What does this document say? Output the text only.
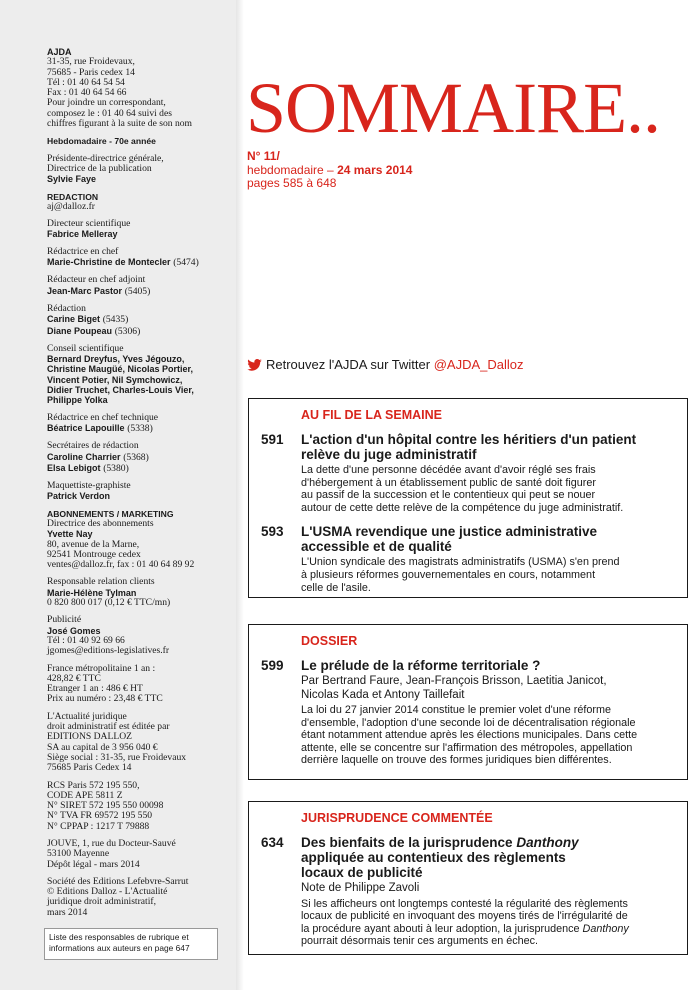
AJDA
31-35, rue Froidevaux,
75685 - Paris cedex 14
Tél : 01 40 64 54 54
Fax : 01 40 64 54 66
Pour joindre un correspondant,
composez le : 01 40 64 suivi des
chiffres figurant à la suite de son nom
Hebdomadaire - 70e année
Présidente-directrice générale,
Directrice de la publication
Sylvie Faye
REDACTION
aj@dalloz.fr
Directeur scientifique
Fabrice Melleray
Rédactrice en chef
Marie-Christine de Montecler (5474)
Rédacteur en chef adjoint
Jean-Marc Pastor (5405)
Rédaction
Carine Biget (5435)
Diane Poupeau (5306)
Conseil scientifique
Bernard Dreyfus, Yves Jégouzo,
Christine Maugüé, Nicolas Portier,
Vincent Potier, Nil Symchowicz,
Didier Truchet, Charles-Louis Vier,
Philippe Yolka
Rédactrice en chef technique
Béatrice Lapouille (5338)
Secrétaires de rédaction
Caroline Charrier (5368)
Elsa Lebigot (5380)
Maquettiste-graphiste
Patrick Verdon
ABONNEMENTS / MARKETING
Directrice des abonnements
Yvette Nay
80, avenue de la Marne,
92541 Montrouge cedex
ventes@dalloz.fr, fax : 01 40 64 89 92
Responsable relation clients
Marie-Hélène Tylman
0 820 800 017 (0,12 € TTC/mn)
Publicité
José Gomes
Tél : 01 40 92 69 66
jgomes@editions-legislatives.fr
France métropolitaine 1 an :
428,82 € TTC
Etranger 1 an : 486 € HT
Prix au numéro : 23,48 € TTC
L'Actualité juridique
droit administratif est éditée par
EDITIONS DALLOZ
SA au capital de 3 956 040 €
Siège social : 31-35, rue Froidevaux
75685 Paris Cedex 14
RCS Paris 572 195 550,
CODE APE 5811 Z
N° SIRET 572 195 550 00098
N° TVA FR 69572 195 550
N° CPPAP : 1217 T 79888
JOUVE, 1, rue du Docteur-Sauvé
53100 Mayenne
Dépôt légal - mars 2014
Société des Editions Lefebvre-Sarrut
© Editions Dalloz - L'Actualité
juridique droit administratif,
mars 2014
Liste des responsables de rubrique et
informations aux auteurs en page 647
SOMMAIRE..
N° 11/
hebdomadaire – 24 mars 2014
pages 585 à 648
Retrouvez l'AJDA sur Twitter @AJDA_Dalloz
AU FIL DE LA SEMAINE
591 L'action d'un hôpital contre les héritiers d'un patient
relève du juge administratif
La dette d'une personne décédée avant d'avoir réglé ses frais
d'hébergement à un établissement public de santé doit figurer
au passif de la succession et le contentieux qui peut se nouer
autour de cette dette relève de la compétence du juge administratif.
593 L'USMA revendique une justice administrative
accessible et de qualité
L'Union syndicale des magistrats administratifs (USMA) s'en prend
à plusieurs réformes gouvernementales en cours, notamment
celle de l'asile.
DOSSIER
599 Le prélude de la réforme territoriale ?
Par Bertrand Faure, Jean-François Brisson, Laetitia Janicot,
Nicolas Kada et Antony Taillefait
La loi du 27 janvier 2014 constitue le premier volet d'une réforme
d'ensemble, l'adoption d'une seconde loi de décentralisation régionale
étant notamment attendue après les élections municipales. Dans cette
attente, elle se concentre sur l'affirmation des métropoles, appellation
derrière laquelle on trouve des formes juridiques bien différentes.
JURISPRUDENCE COMMENTÉE
634 Des bienfaits de la jurisprudence Danthony
appliquée au contentieux des règlements
locaux de publicité
Note de Philippe Zavoli
Si les afficheurs ont longtemps contesté la régularité des règlements
locaux de publicité en invoquant des moyens tirés de l'irrégularité de
la procédure ayant abouti à leur adoption, la jurisprudence Danthony
pourrait désormais tenir ces arguments en échec.
